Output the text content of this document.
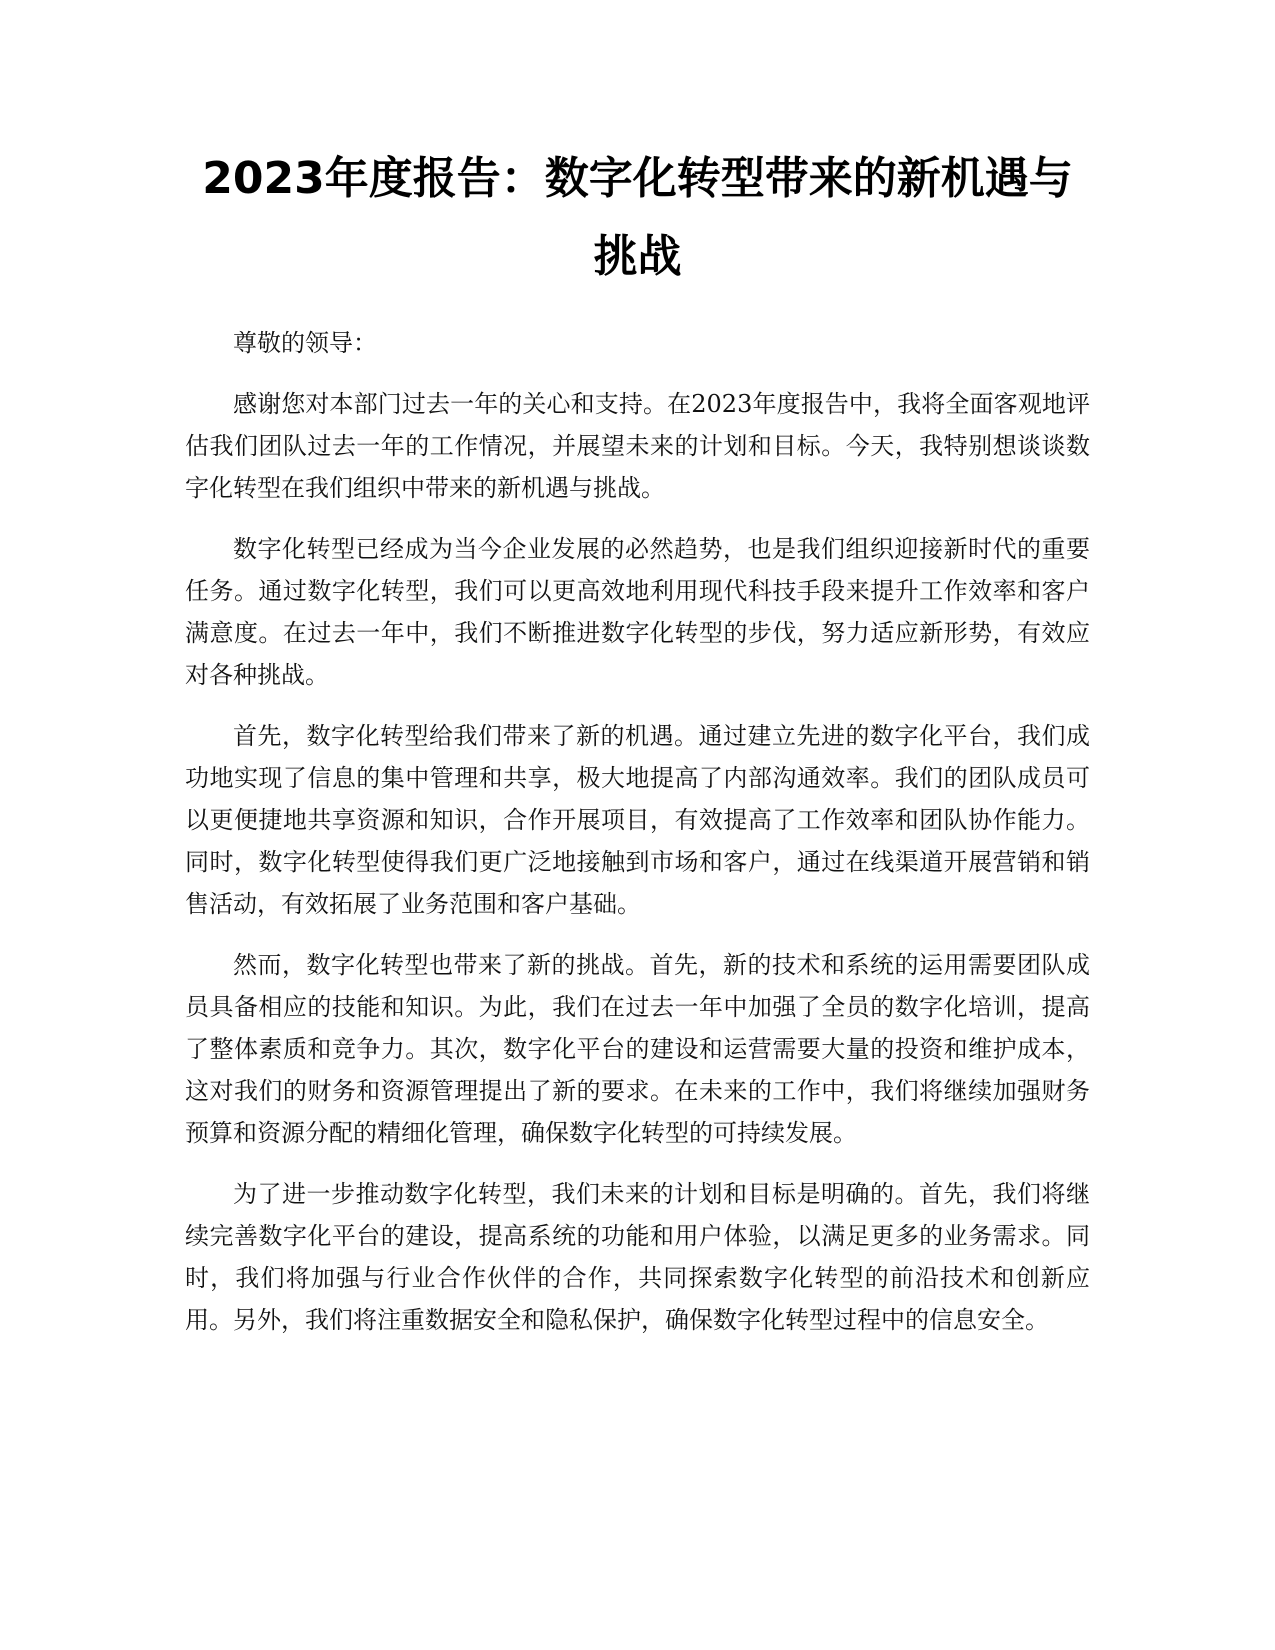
2023年度报告：数字化转型带来的新机遇与挑战

尊敬的领导：

感谢您对本部门过去一年的关心和支持。在2023年度报告中，我将全面客观地评估我们团队过去一年的工作情况，并展望未来的计划和目标。今天，我特别想谈谈数字化转型在我们组织中带来的新机遇与挑战。

数字化转型已经成为当今企业发展的必然趋势，也是我们组织迎接新时代的重要任务。通过数字化转型，我们可以更高效地利用现代科技手段来提升工作效率和客户满意度。在过去一年中，我们不断推进数字化转型的步伐，努力适应新形势，有效应对各种挑战。

首先，数字化转型给我们带来了新的机遇。通过建立先进的数字化平台，我们成功地实现了信息的集中管理和共享，极大地提高了内部沟通效率。我们的团队成员可以更便捷地共享资源和知识，合作开展项目，有效提高了工作效率和团队协作能力。同时，数字化转型使得我们更广泛地接触到市场和客户，通过在线渠道开展营销和销售活动，有效拓展了业务范围和客户基础。

然而，数字化转型也带来了新的挑战。首先，新的技术和系统的运用需要团队成员具备相应的技能和知识。为此，我们在过去一年中加强了全员的数字化培训，提高了整体素质和竞争力。其次，数字化平台的建设和运营需要大量的投资和维护成本，这对我们的财务和资源管理提出了新的要求。在未来的工作中，我们将继续加强财务预算和资源分配的精细化管理，确保数字化转型的可持续发展。

为了进一步推动数字化转型，我们未来的计划和目标是明确的。首先，我们将继续完善数字化平台的建设，提高系统的功能和用户体验，以满足更多的业务需求。同时，我们将加强与行业合作伙伴的合作，共同探索数字化转型的前沿技术和创新应用。另外，我们将注重数据安全和隐私保护，确保数字化转型过程中的信息安全。
